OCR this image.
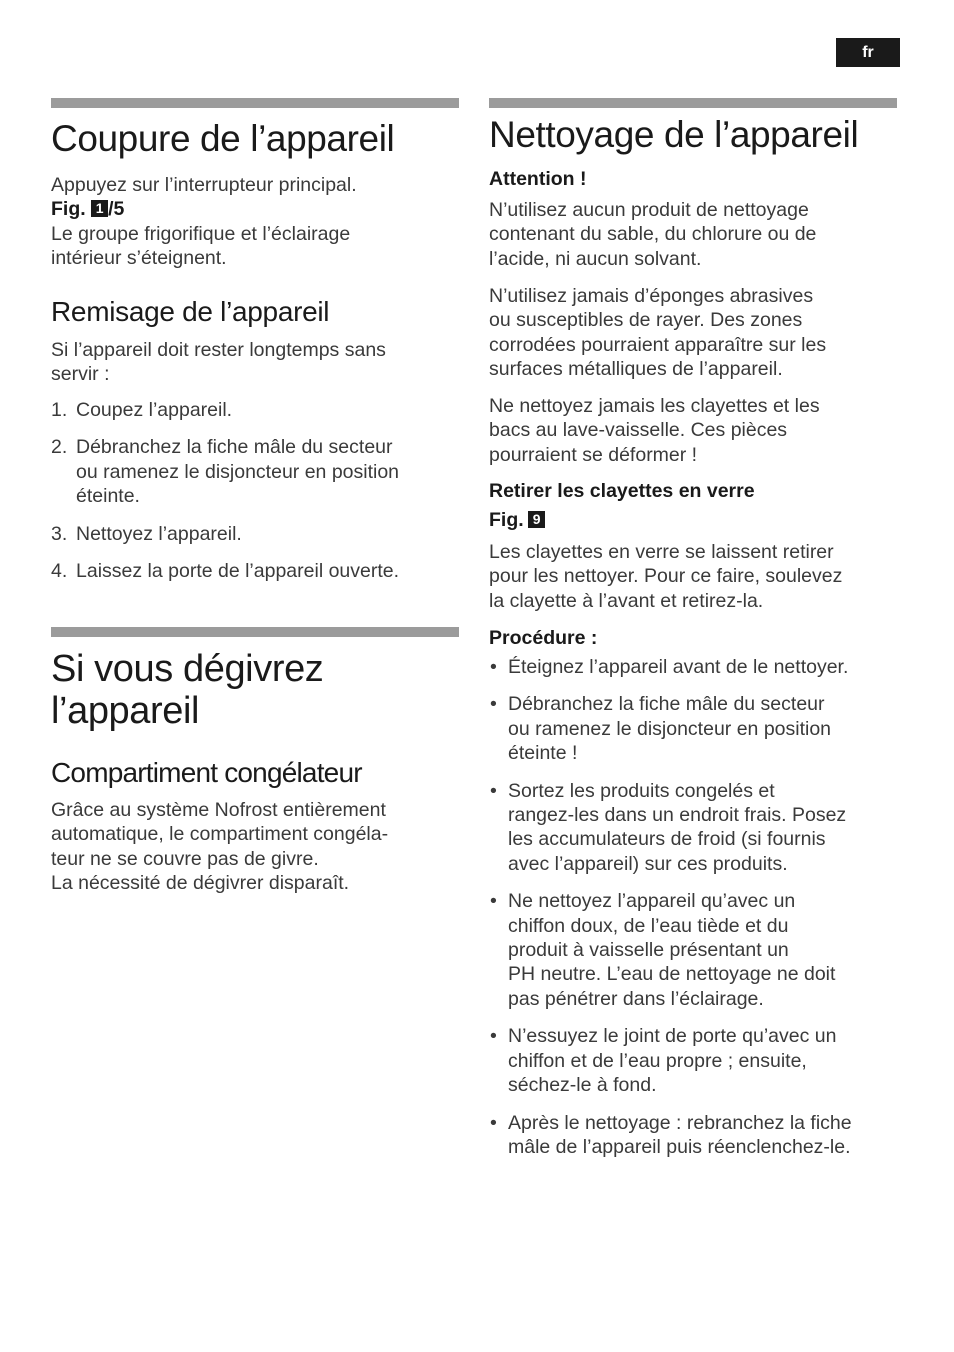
fr
Coupure de l’appareil

Appuyez sur l’interrupteur principal.

Fig. 1 /5

Le groupe frigorifique et l’éclairage

intérieur s’éteignent.

Remisage de l’appareil

Si l’appareil doit rester longtemps sans

servir :

1. Coupez l’appareil.
2. Débranchez la fiche mâle du secteur
ou ramenez le disjoncteur en position
éteinte.
3. Nettoyez l’appareil.
4. Laissez la porte de l’appareil ouverte.
Si vous dégivrez
l’appareil
Compartiment congélateur

Grâce au système Nofrost entièrement

automatique, le compartiment congéla-

teur ne se couvre pas de givre.

La nécessité de dégivrer disparaît.

Nettoyage de l’appareil
Attention !

N’utilisez aucun produit de nettoyage

contenant du sable, du chlorure ou de

l’acide, ni aucun solvant.

N’utilisez jamais d’éponges abrasives

ou susceptibles de rayer. Des zones

corrodées pourraient apparaître sur les

surfaces métalliques de l’appareil.

Ne nettoyez jamais les clayettes et les

bacs au lave-vaisselle. Ces pièces

pourraient se déformer !

Retirer les clayettes en verre
Fig. 9

Les clayettes en verre se laissent retirer

pour les nettoyer. Pour ce faire, soulevez

la clayette à l’avant et retirez-la.

Procédure :
• Éteignez l’appareil avant de le nettoyer.
• Débranchez la fiche mâle du secteur
ou ramenez le disjoncteur en position
éteinte !
• Sortez les produits congelés et
rangez-les dans un endroit frais. Posez
les accumulateurs de froid (si fournis
avec l’appareil) sur ces produits.
• Ne nettoyez l’appareil qu’avec un
chiffon doux, de l’eau tiède et du
produit à vaisselle présentant un
PH neutre. L’eau de nettoyage ne doit
pas pénétrer dans l’éclairage.
• N’essuyez le joint de porte qu’avec un
chiffon et de l’eau propre ; ensuite,
séchez-le à fond.
• Après le nettoyage : rebranchez la fiche
mâle de l’appareil puis réenclenchez-le.
